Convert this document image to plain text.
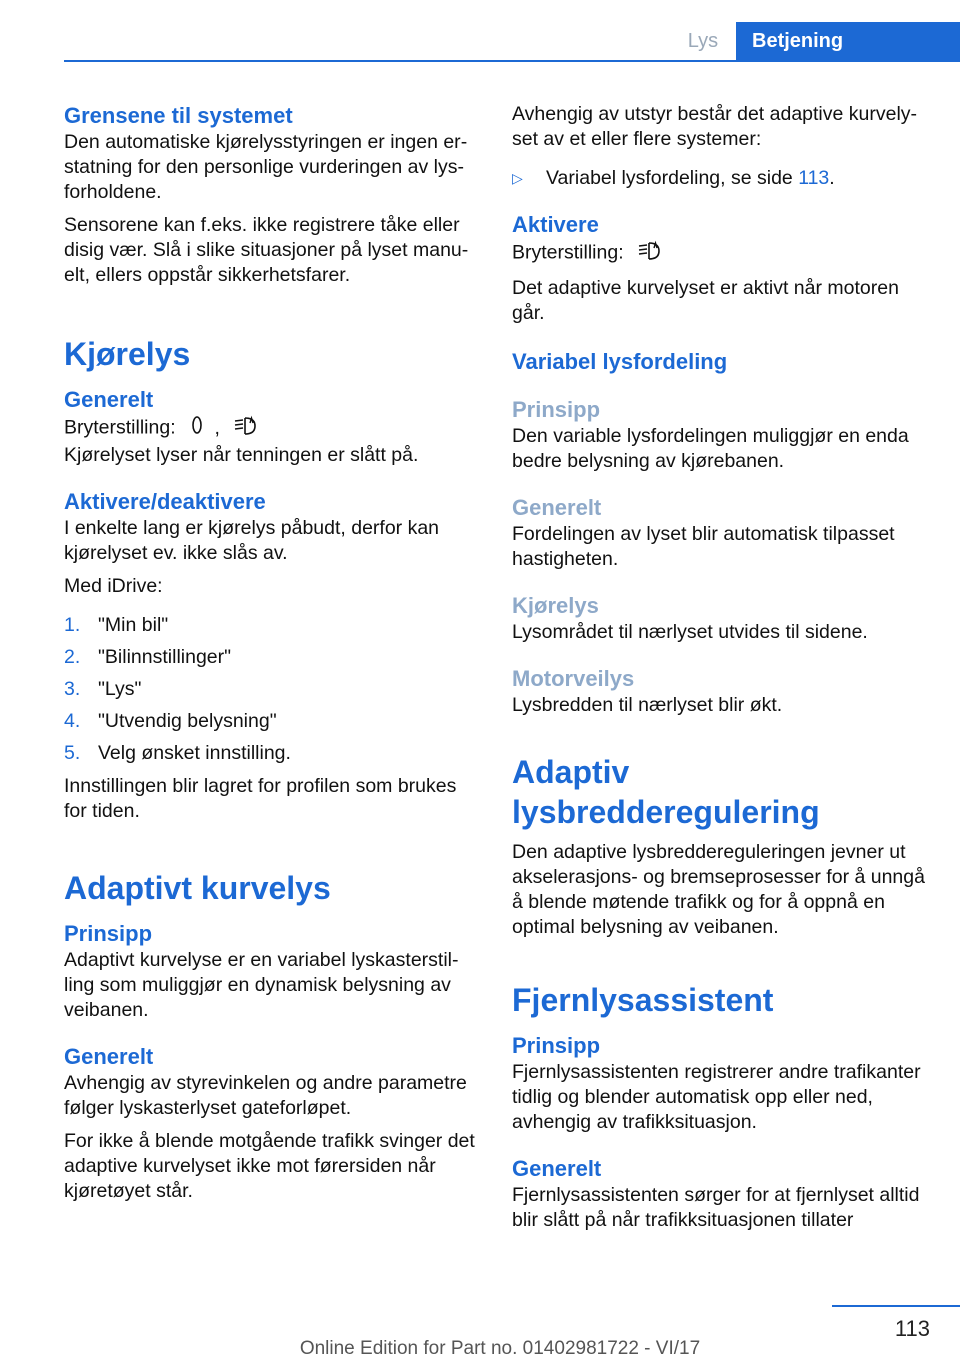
Lys	Betjening

Grensene til systemet

Den automatiske kjørelysstyringen er ingen erstatning for den personlige vurderingen av lysforholdene.

Sensorene kan f.eks. ikke registrere tåke eller disig vær. Slå i slike situasjoner på lyset manuelt, ellers oppstår sikkerhetsfarer.

Kjørelys

Generelt

Bryterstilling: ,

Kjørelyset lyser når tenningen er slått på.

Aktivere/deaktivere

I enkelte lang er kjørelys påbudt, derfor kan kjørelyset ev. ikke slås av.

Med iDrive:

1. "Min bil"
2. "Bilinnstillinger"
3. "Lys"
4. "Utvendig belysning"
5. Velg ønsket innstilling.

Innstillingen blir lagret for profilen som brukes for tiden.

Adaptivt kurvelys

Prinsipp

Adaptivt kurvelyse er en variabel lyskasterstilling som muliggjør en dynamisk belysning av veibanen.

Generelt

Avhengig av styrevinkelen og andre parametre følger lyskasterlyset gateforløpet.

For ikke å blende motgående trafikk svinger det adaptive kurvelyset ikke mot førersiden når kjøretøyet står.

Avhengig av utstyr består det adaptive kurvelyset av et eller flere systemer:

▷ Variabel lysfordeling, se side 113.

Aktivere

Bryterstilling:

Det adaptive kurvelyset er aktivt når motoren går.

Variabel lysfordeling

Prinsipp

Den variable lysfordelingen muliggjør en enda bedre belysning av kjørebanen.

Generelt

Fordelingen av lyset blir automatisk tilpasset hastigheten.

Kjørelys

Lysområdet til nærlyset utvides til sidene.

Motorveilys

Lysbredden til nærlyset blir økt.

Adaptiv lysbredderegulering

Den adaptive lysbreddereguleringen jevner ut akselerasjons- og bremseprosesser for å unngå å blende møtende trafikk og for å oppnå en optimal belysning av veibanen.

Fjernlysassistent

Prinsipp

Fjernlysassistenten registrerer andre trafikanter tidlig og blender automatisk opp eller ned, avhengig av trafikksituasjon.

Generelt

Fjernlysassistenten sørger for at fjernlyset alltid blir slått på når trafikksituasjonen tillater

113
Online Edition for Part no. 01402981722 - VI/17
